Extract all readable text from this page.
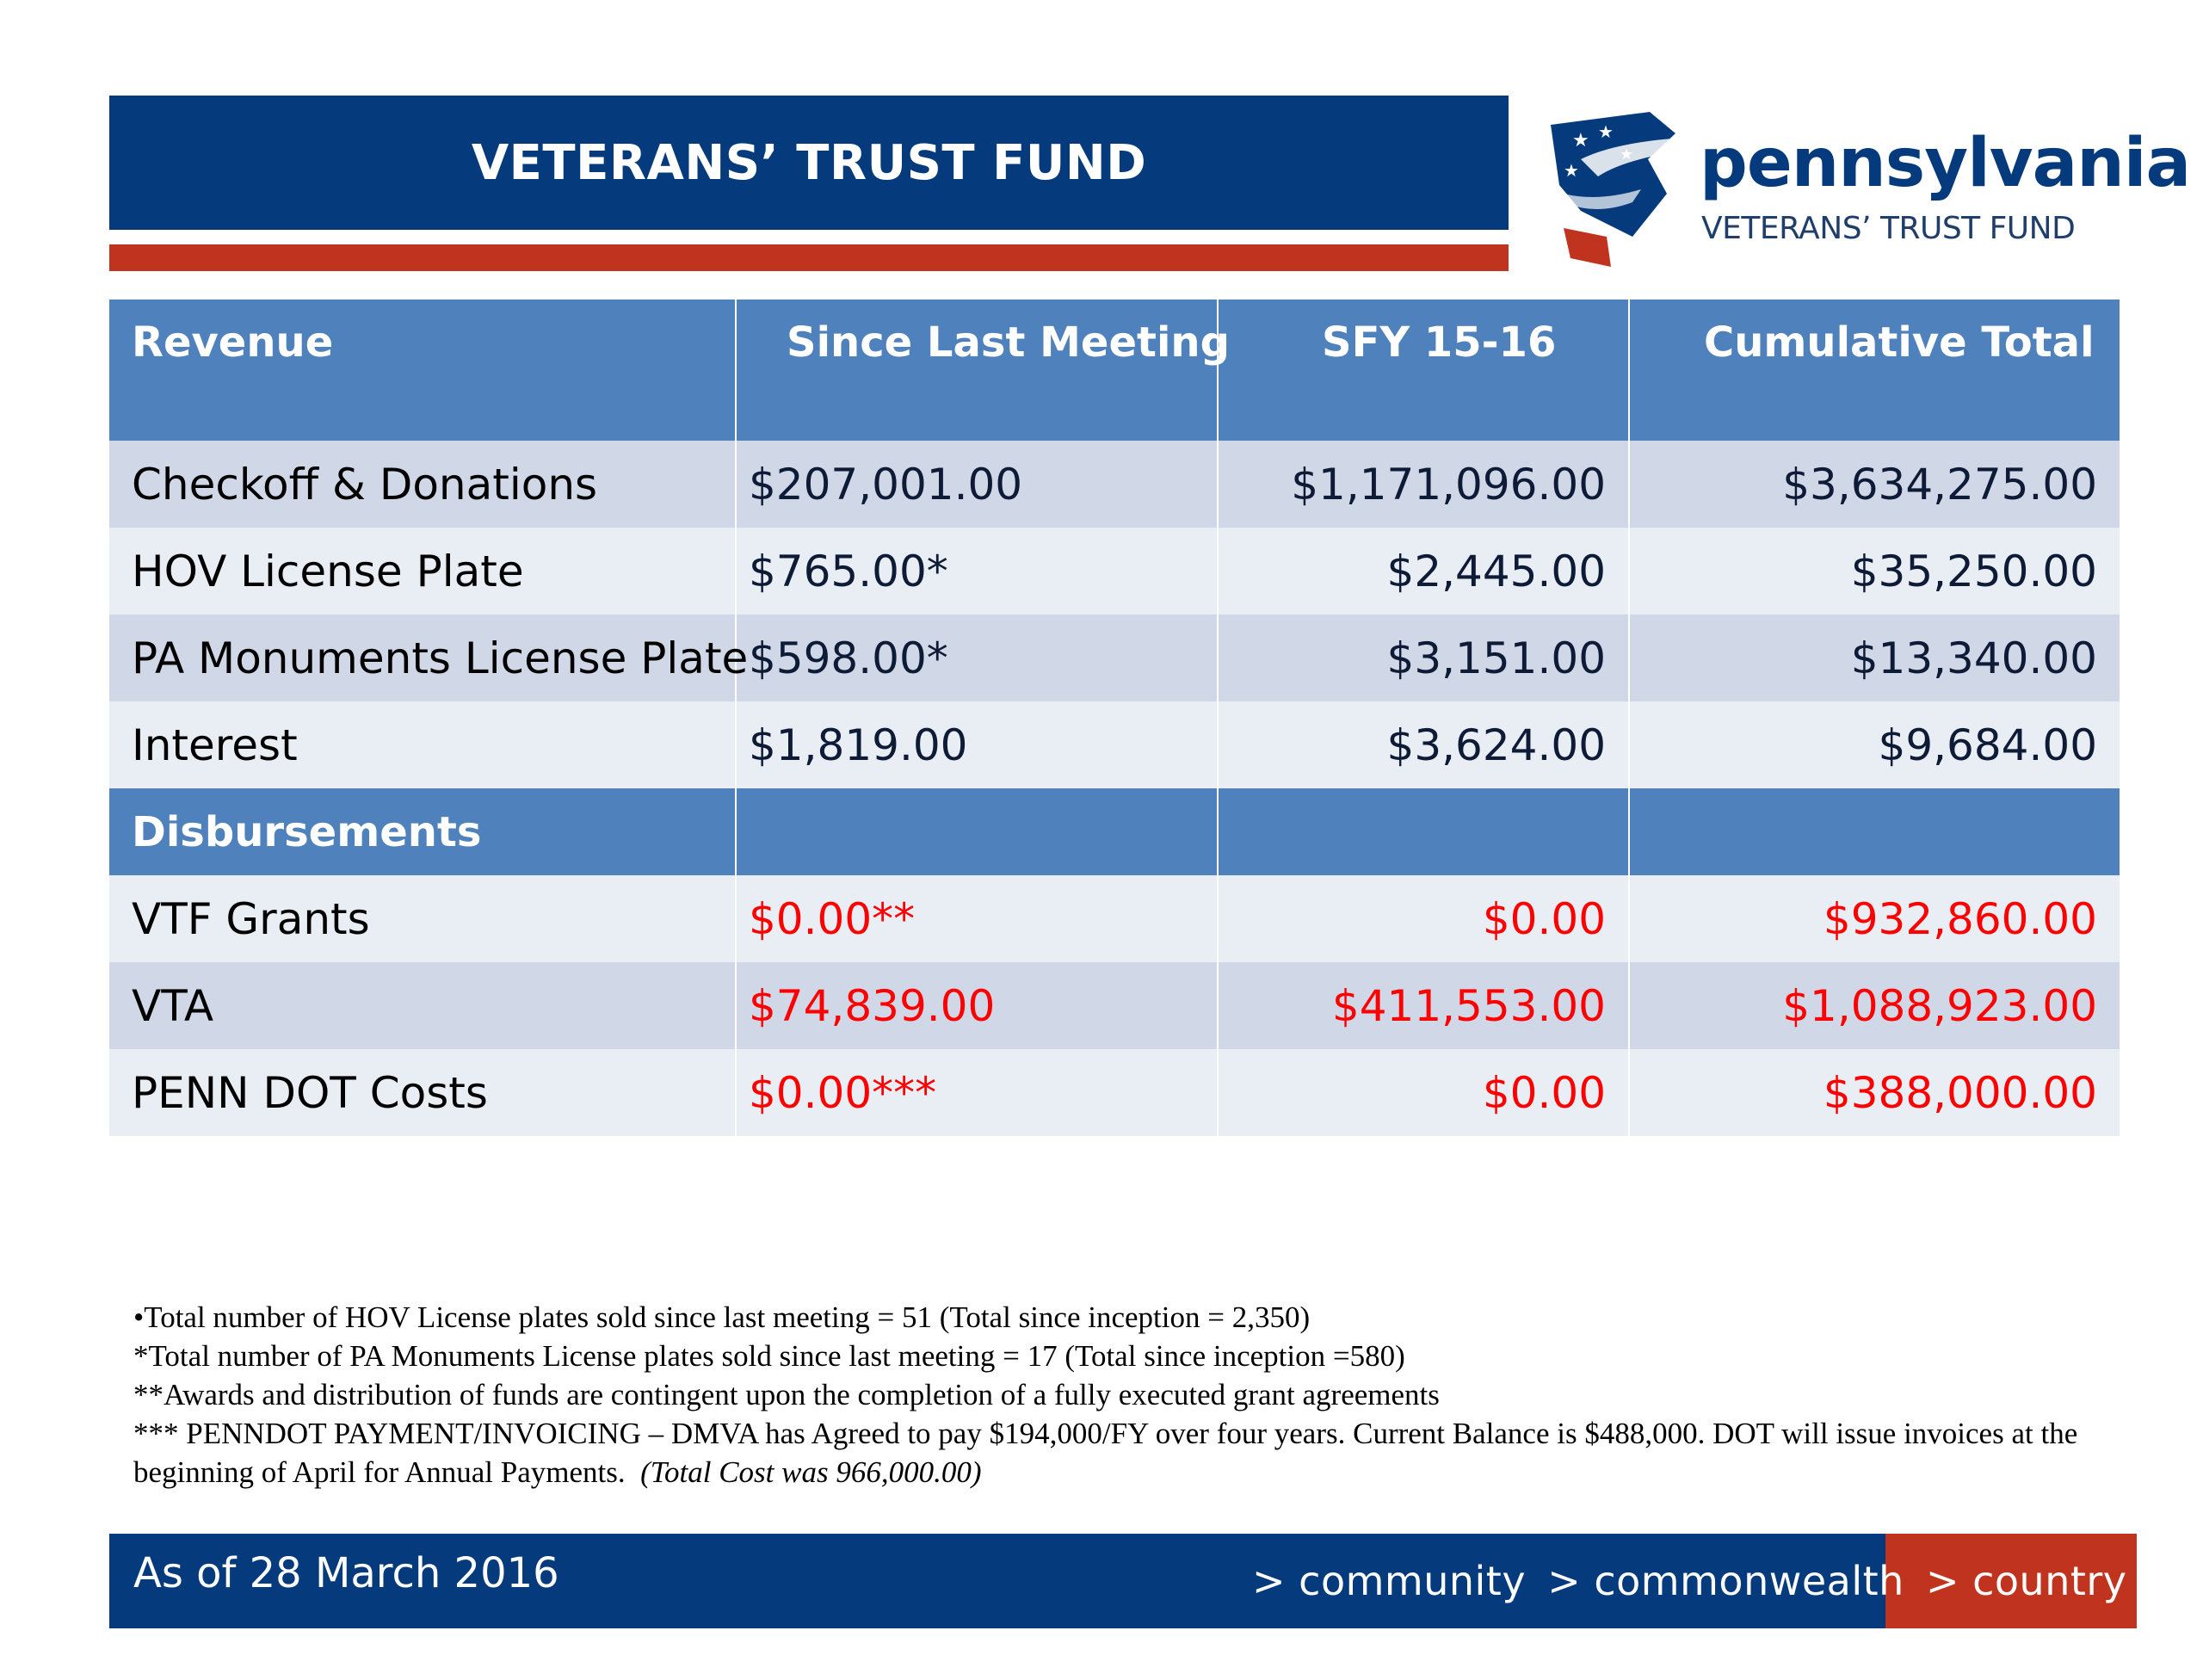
VETERANS’ TRUST FUND	★ ★
★
★ pennsylvania
VETERANS’ TRUST FUND
Revenue	Since Last Meeting	SFY 15-16	Cumulative Total
Checkoff & Donations	$207,001.00	$1,171,096.00	$3,634,275.00
HOV License Plate	$765.00*	$2,445.00	$35,250.00
PA Monuments License Plate	$598.00*	$3,151.00	$13,340.00
Interest	$1,819.00	$3,624.00	$9,684.00
Disbursements			
VTF Grants	$0.00**	$0.00	$932,860.00
VTA	$74,839.00	$411,553.00	$1,088,923.00
PENN DOT Costs	$0.00***	$0.00	$388,000.00

•Total number of HOV License plates sold since last meeting = 51 (Total since inception = 2,350)

*Total number of PA Monuments License plates sold since last meeting = 17 (Total since inception =580)

**Awards and distribution of funds are contingent upon the completion of a fully executed grant agreements

*** PENNDOT PAYMENT/INVOICING – DMVA has Agreed to pay $194,000/FY over four years. Current Balance is $488,000. DOT will issue invoices at the beginning of April for Annual Payments. (Total Cost was 966,000.00)

As of 28 March 2016	> community > commonwealth > country
